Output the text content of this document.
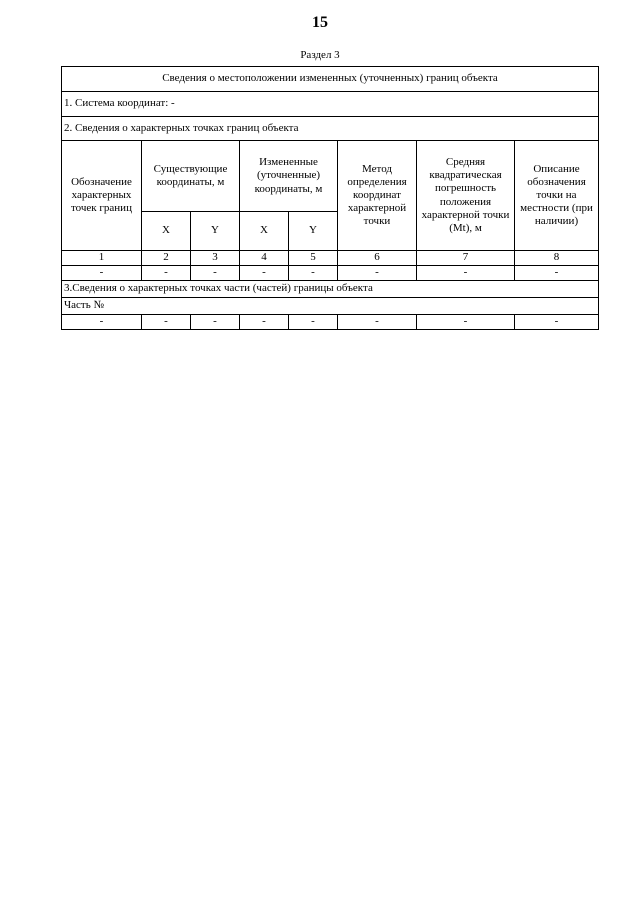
15
Раздел 3
Сведения о местоположении измененных (уточненных) границ объекта							
1. Система координат: -							
2. Сведения о характерных точках границ объекта							
Обозначение характерных точек границ	Существующие координаты, м		Измененные (уточненные) координаты, м		Метод определения координат характерной точки	Средняя квадратическая погрешность положения характерной точки (Mt), м	Описание обозначения точки на местности (при наличии)
	X	Y	X	Y			
1	2	3	4	5	6	7	8
-	-	-	-	-	-	-	-
3.Сведения о характерных точках части (частей) границы объекта							
Часть №							
-	-	-	-	-	-	-	-
